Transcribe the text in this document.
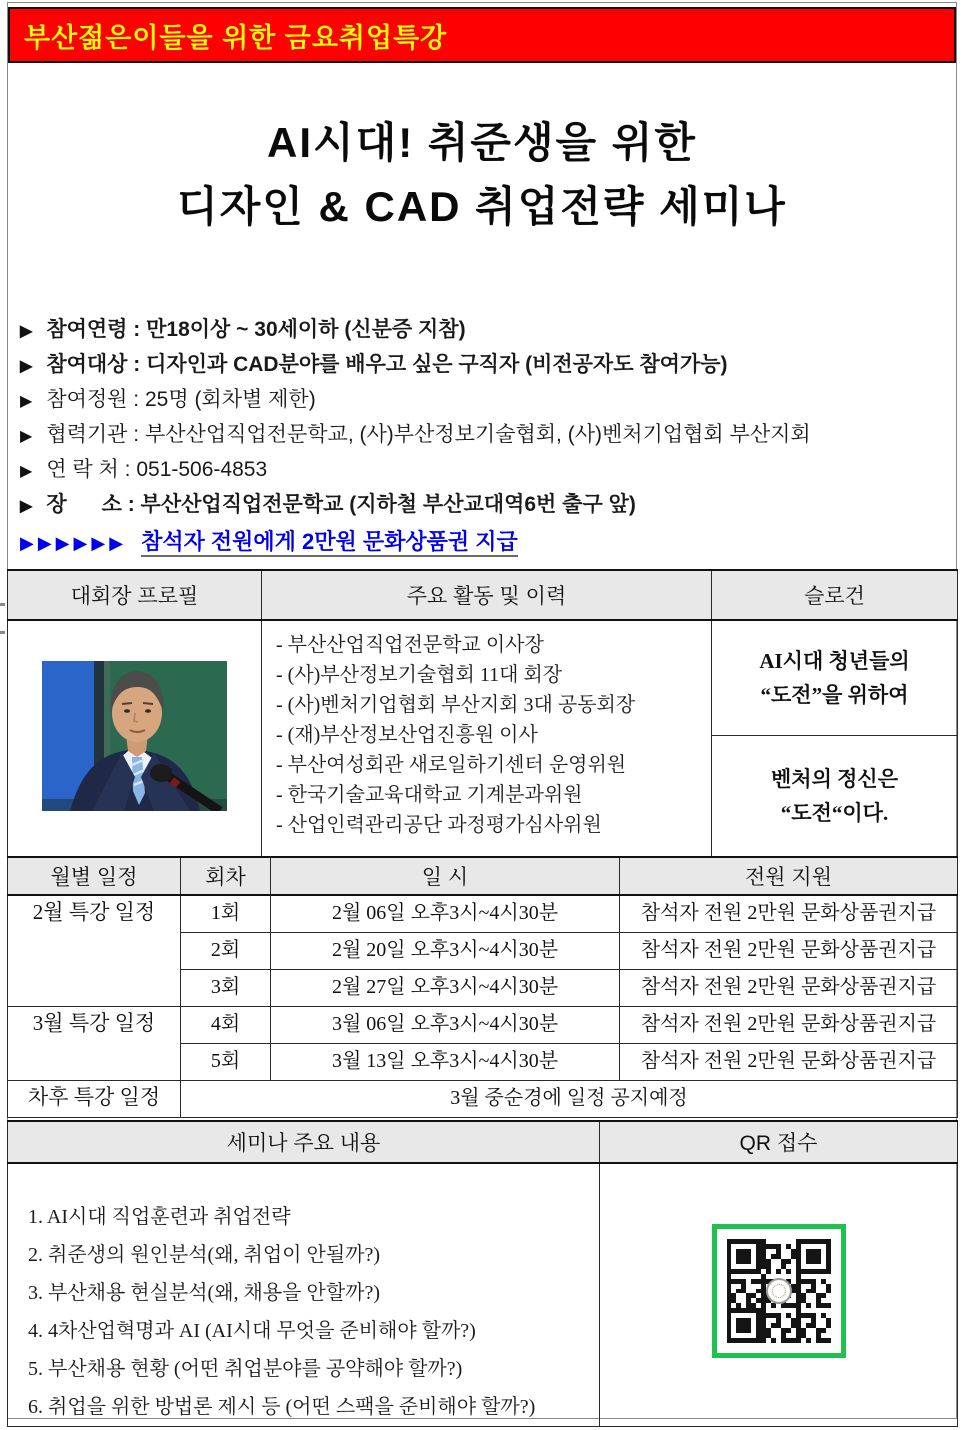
부산젊은이들을 위한 금요취업특강
AI시대! 취준생을 위한
디자인 & CAD 취업전략 세미나
▶ 참여연령 : 만18이상 ~ 30세이하 (신분증 지참)
▶ 참여대상 : 디자인과 CAD분야를 배우고 싶은 구직자 (비전공자도 참여가능)
▶ 참여정원 : 25명 (회차별 제한)
▶ 협력기관 : 부산산업직업전문학교, (사)부산정보기술협회, (사)벤처기업협회 부산지회
▶ 연 락 처 : 051-506-4853
▶ 장      소 : 부산산업직업전문학교 (지하철 부산교대역6번 출구 앞)
▶▶▶▶▶▶ 참석자 전원에게 2만원 문화상품권 지급
대회장 프로필	주요 활동 및 이력	슬로건

- 부산산업직업전문학교 이사장
- (사)부산정보기술협회 11대 회장
- (사)벤처기업협회 부산지회 3대 공동회장
- (재)부산정보산업진흥원 이사
- 부산여성회관 새로일하기센터 운영위원
- 한국기술교육대학교 기계분과위원
- 산업인력관리공단 과정평가심사위원

AI시대 청년들의
“도전”을 위하여
벤처의 정신은
“도전“이다.
월별 일정	회차	일 시	전원 지원
2월 특강 일정	1회	2월 06일 오후3시~4시30분	참석자 전원 2만원 문화상품권지급
	2회	2월 20일 오후3시~4시30분	참석자 전원 2만원 문화상품권지급
	3회	2월 27일 오후3시~4시30분	참석자 전원 2만원 문화상품권지급
3월 특강 일정	4회	3월 06일 오후3시~4시30분	참석자 전원 2만원 문화상품권지급
	5회	3월 13일 오후3시~4시30분	참석자 전원 2만원 문화상품권지급
차후 특강 일정	3월 중순경에 일정 공지예정		
세미나 주요 내용	QR 접수

1. AI시대 직업훈련과 취업전략
2. 취준생의 원인분석(왜, 취업이 안될까?)
3. 부산채용 현실분석(왜, 채용을 안할까?)
4. 4차산업혁명과 AI (AI시대 무엇을 준비해야 할까?)
5. 부산채용 현황 (어떤 취업분야를 공약해야 할까?)
6. 취업을 위한 방법론 제시 등 (어떤 스팩을 준비해야 할까?)
